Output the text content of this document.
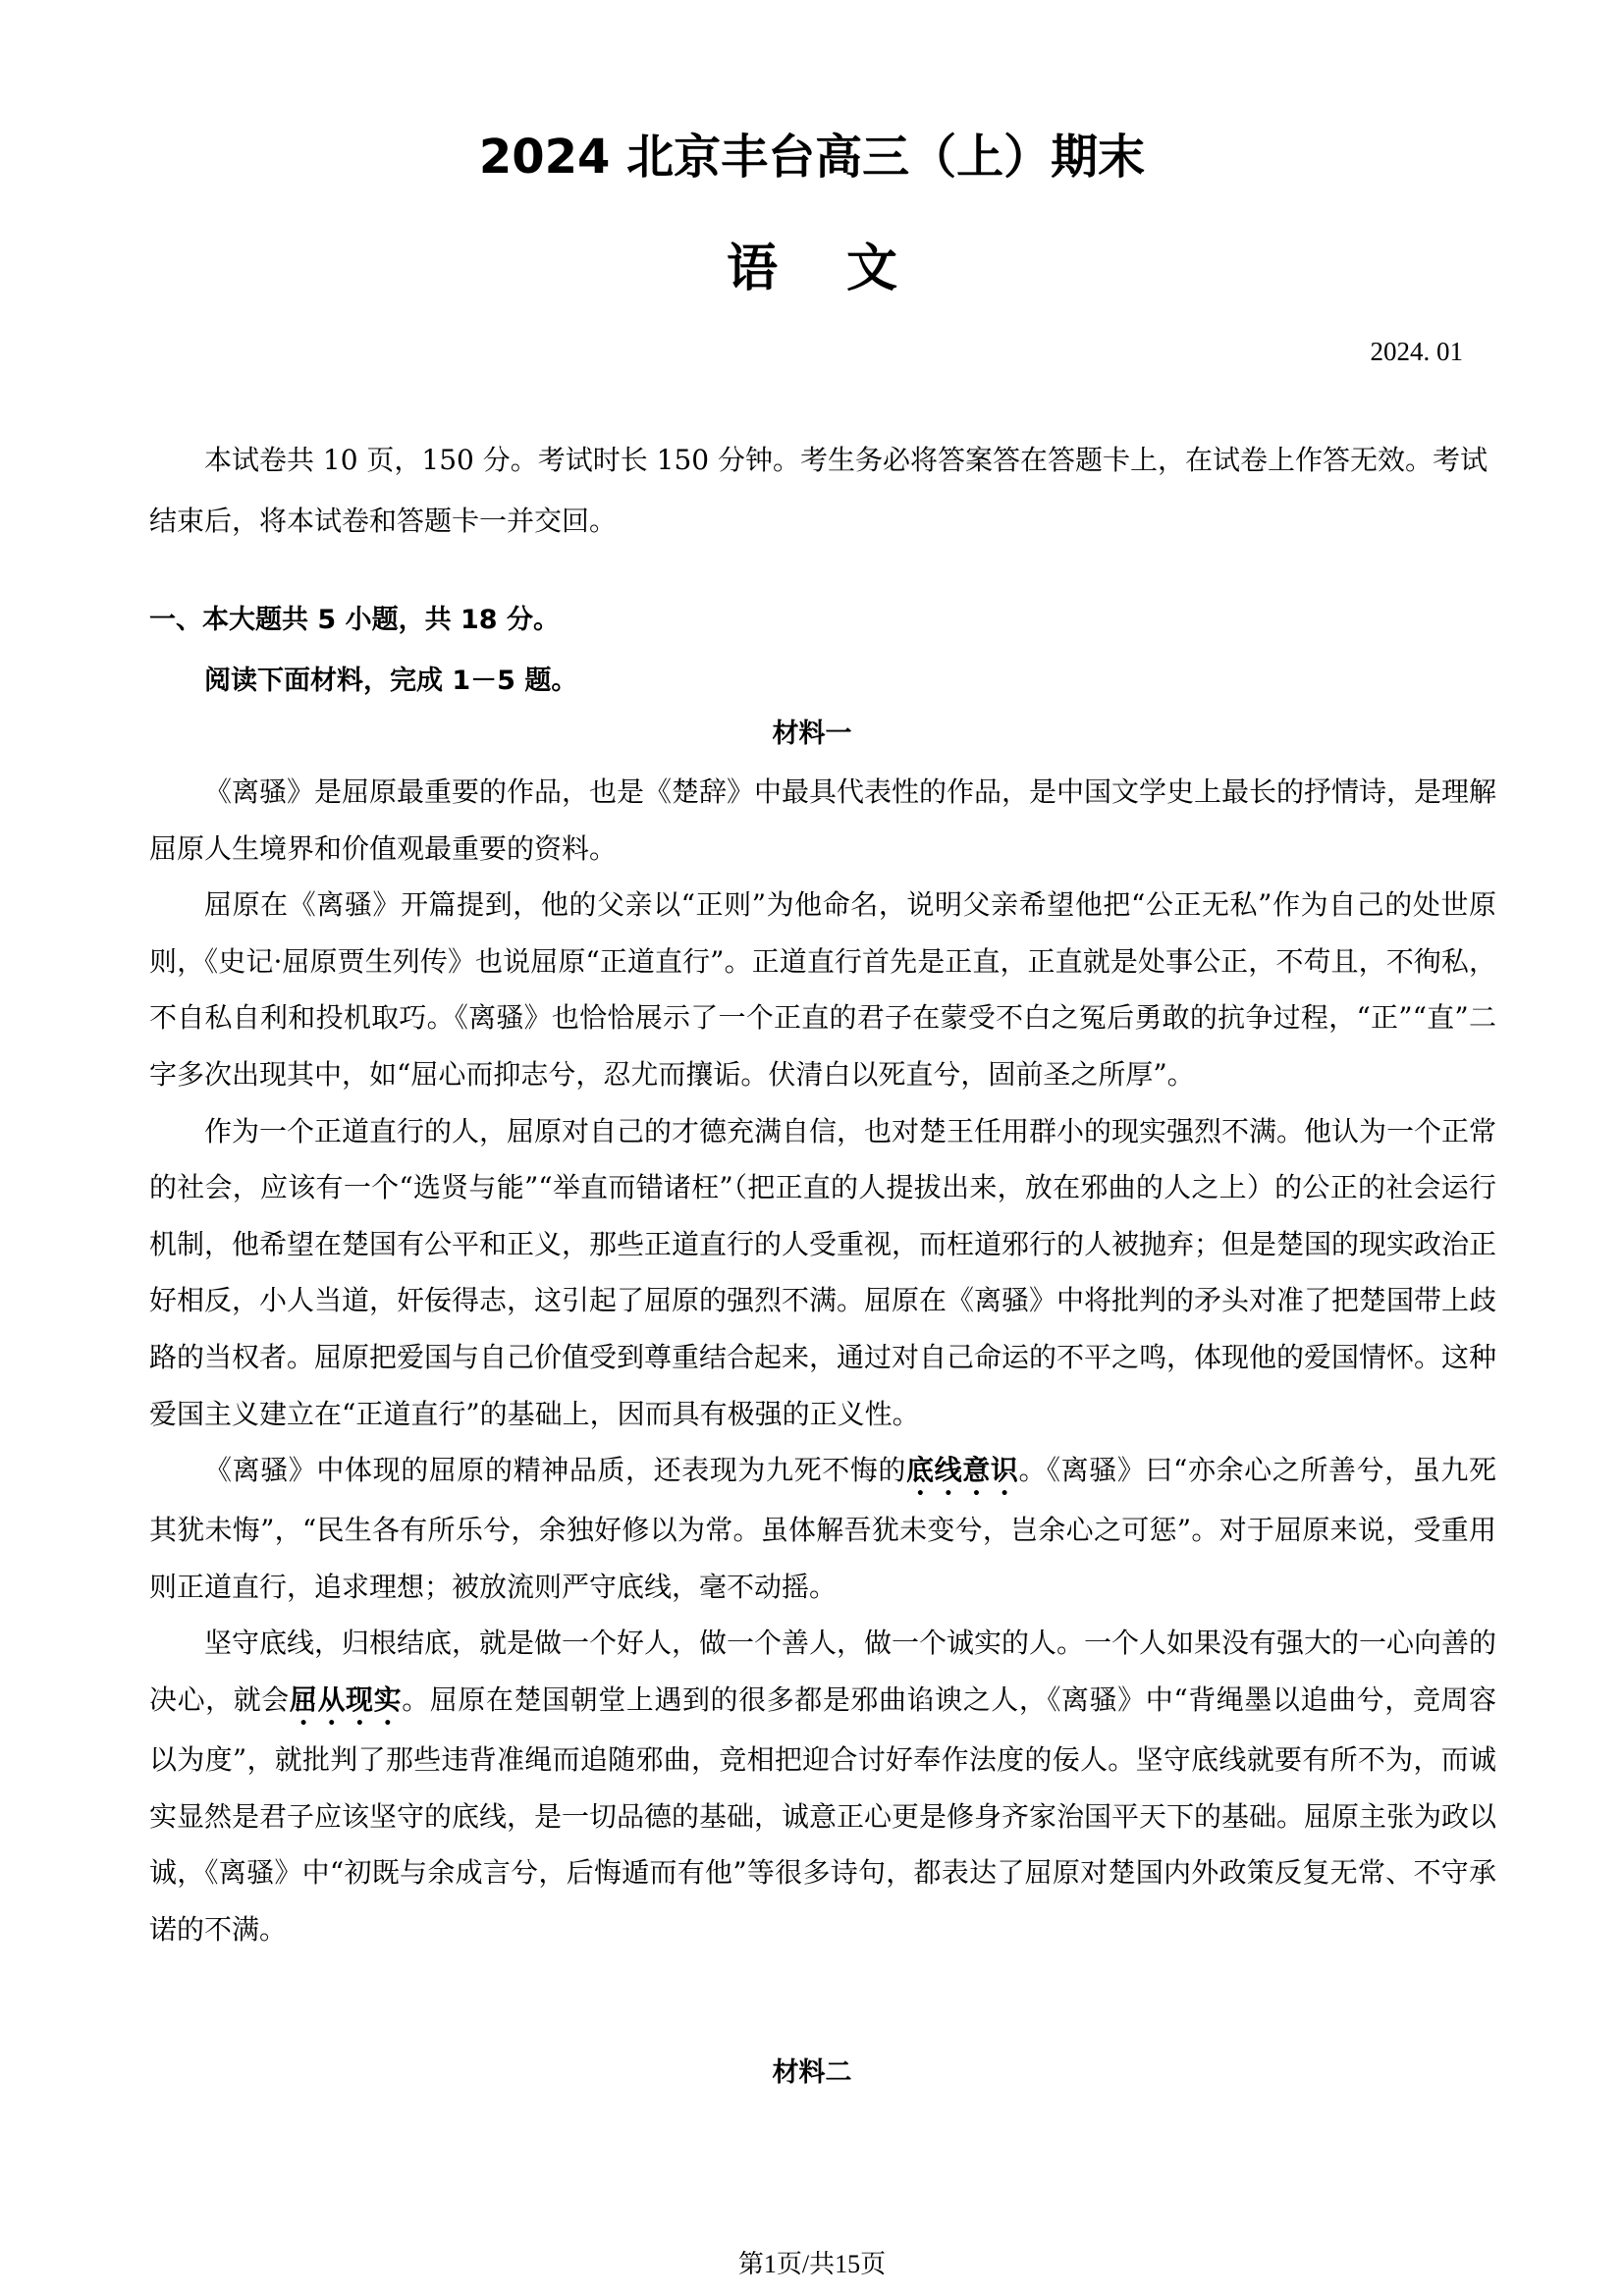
2024 北京丰台高三（上）期末
语文
2024. 01

本试卷共 10 页，150 分。考试时长 150 分钟。考生务必将答案答在答题卡上，在试卷上作答无效。考试结束后，将本试卷和答题卡一并交回。

一、本大题共 5 小题，共 18 分。

阅读下面材料，完成 1－5 题。

材料一

《离骚》是屈原最重要的作品，也是《楚辞》中最具代表性的作品，是中国文学史上最长的抒情诗，是理解屈原人生境界和价值观最重要的资料。

屈原在《离骚》开篇提到，他的父亲以“正则”为他命名，说明父亲希望他把“公正无私”作为自己的处世原则，《史记·屈原贾生列传》也说屈原“正道直行”。正道直行首先是正直，正直就是处事公正，不苟且，不徇私，不自私自利和投机取巧。《离骚》也恰恰展示了一个正直的君子在蒙受不白之冤后勇敢的抗争过程，“正”“直”二字多次出现其中，如“屈心而抑志兮，忍尤而攘诟。伏清白以死直兮，固前圣之所厚”。

作为一个正道直行的人，屈原对自己的才德充满自信，也对楚王任用群小的现实强烈不满。他认为一个正常的社会，应该有一个“选贤与能”“举直而错诸枉”（把正直的人提拔出来，放在邪曲的人之上）的公正的社会运行机制，他希望在楚国有公平和正义，那些正道直行的人受重视，而枉道邪行的人被抛弃；但是楚国的现实政治正好相反，小人当道，奸佞得志，这引起了屈原的强烈不满。屈原在《离骚》中将批判的矛头对准了把楚国带上歧路的当权者。屈原把爱国与自己价值受到尊重结合起来，通过对自己命运的不平之鸣，体现他的爱国情怀。这种爱国主义建立在“正道直行”的基础上，因而具有极强的正义性。

《离骚》中体现的屈原的精神品质，还表现为九死不悔的底线意识。《离骚》曰“亦余心之所善兮，虽九死其犹未悔”，“民生各有所乐兮，余独好修以为常。虽体解吾犹未变兮，岂余心之可惩”。对于屈原来说，受重用则正道直行，追求理想；被放流则严守底线，毫不动摇。

坚守底线，归根结底，就是做一个好人，做一个善人，做一个诚实的人。一个人如果没有强大的一心向善的决心，就会屈从现实。屈原在楚国朝堂上遇到的很多都是邪曲谄谀之人，《离骚》中“背绳墨以追曲兮，竞周容以为度”，就批判了那些违背准绳而追随邪曲，竞相把迎合讨好奉作法度的佞人。坚守底线就要有所不为，而诚实显然是君子应该坚守的底线，是一切品德的基础，诚意正心更是修身齐家治国平天下的基础。屈原主张为政以诚，《离骚》中“初既与余成言兮，后悔遁而有他”等很多诗句，都表达了屈原对楚国内外政策反复无常、不守承诺的不满。

材料二

第1页/共15页
